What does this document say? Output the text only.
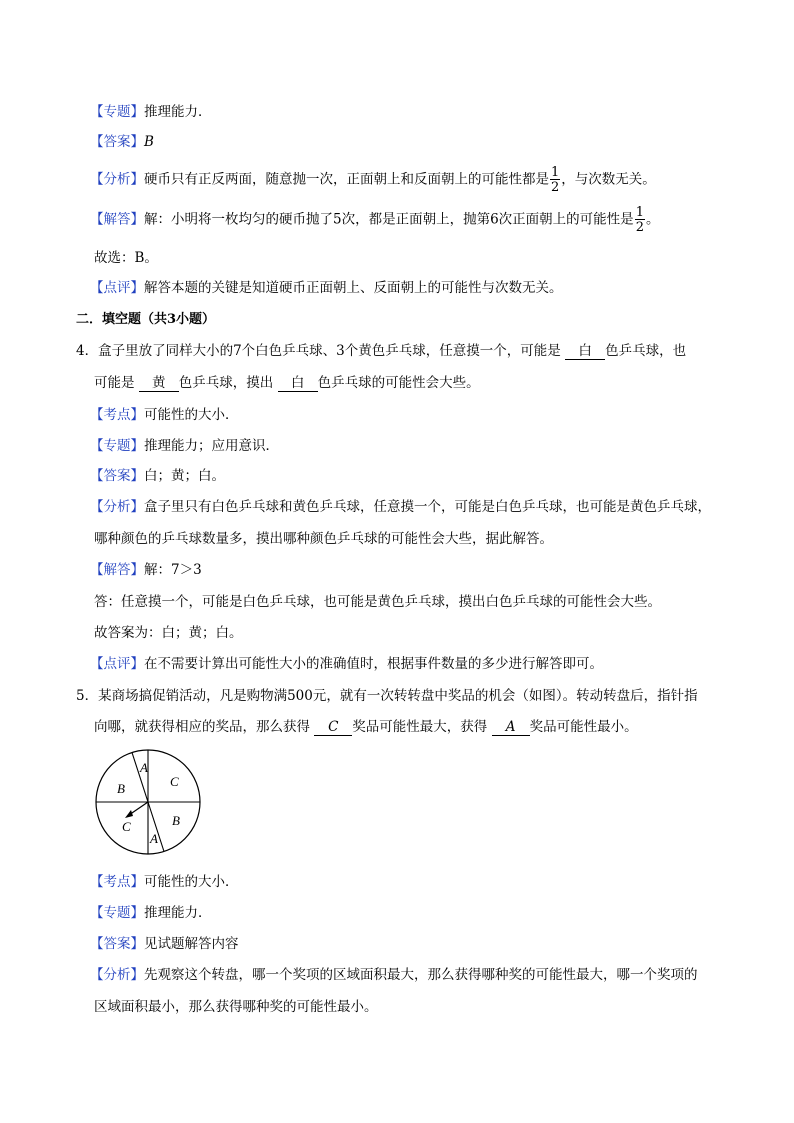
【专题】推理能力．
【答案】B
【分析】硬币只有正反两面，随意抛一次，正面朝上和反面朝上的可能性都是 $\frac{1}{2}$ ，与次数无关。
【解答】解：小明将一枚均匀的硬币抛了5次，都是正面朝上，抛第6次正面朝上的可能性是 $\frac{1}{2}$ 。
故选：B。
【点评】解答本题的关键是知道硬币正面朝上、反面朝上的可能性与次数无关。
二．填空题（共3小题）
4．盒子里放了同样大小的7个白色乒乓球、3个黄色乒乓球，任意摸一个，可能是 白 色乒乓球，也
可能是 黄 色乒乓球，摸出 白 色乒乓球的可能性会大些。
【考点】可能性的大小．
【专题】推理能力；应用意识．
【答案】白；黄；白。
【分析】盒子里只有白色乒乓球和黄色乒乓球，任意摸一个，可能是白色乒乓球，也可能是黄色乒乓球，
哪种颜色的乒乓球数量多，摸出哪种颜色乒乓球的可能性会大些，据此解答。
【解答】解：7＞3
答：任意摸一个，可能是白色乒乓球，也可能是黄色乒乓球，摸出白色乒乓球的可能性会大些。
故答案为：白；黄；白。
【点评】在不需要计算出可能性大小的准确值时，根据事件数量的多少进行解答即可。
5．某商场搞促销活动，凡是购物满500元，就有一次转转盘中奖品的机会（如图）。转动转盘后，指针指
向哪，就获得相应的奖品，那么获得 C 奖品可能性最大，获得 A 奖品可能性最小。
A
C
B
B
C
A
【考点】可能性的大小．
【专题】推理能力．
【答案】见试题解答内容
【分析】先观察这个转盘，哪一个奖项的区域面积最大，那么获得哪种奖的可能性最大，哪一个奖项的
区域面积最小，那么获得哪种奖的可能性最小。
